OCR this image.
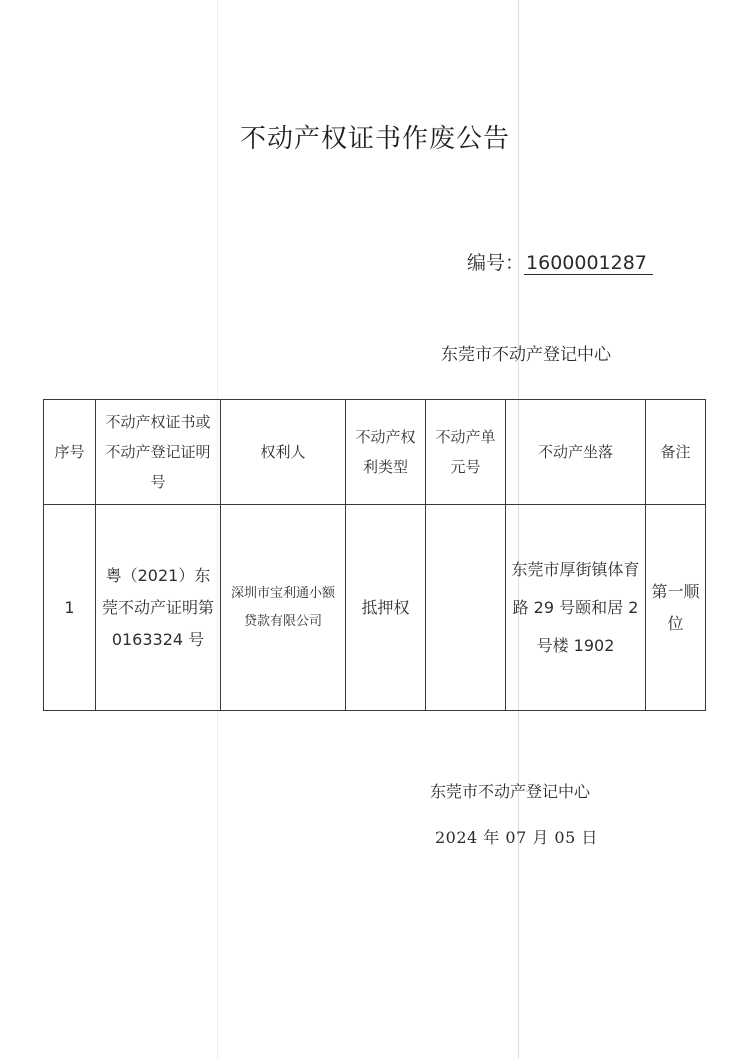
不动产权证书作废公告
编号： 1600001287
东莞市不动产登记中心
序号	不动产权证书或不动产登记证明号	权利人	不动产权利类型	不动产单元号	不动产坐落	备注
1	粤（2021）东莞不动产证明第 0163324 号	深圳市宝利通小额贷款有限公司	抵押权		东莞市厚街镇体育路 29 号颐和居 2 号楼 1902	第一顺位
东莞市不动产登记中心
2024 年 07 月 05 日
